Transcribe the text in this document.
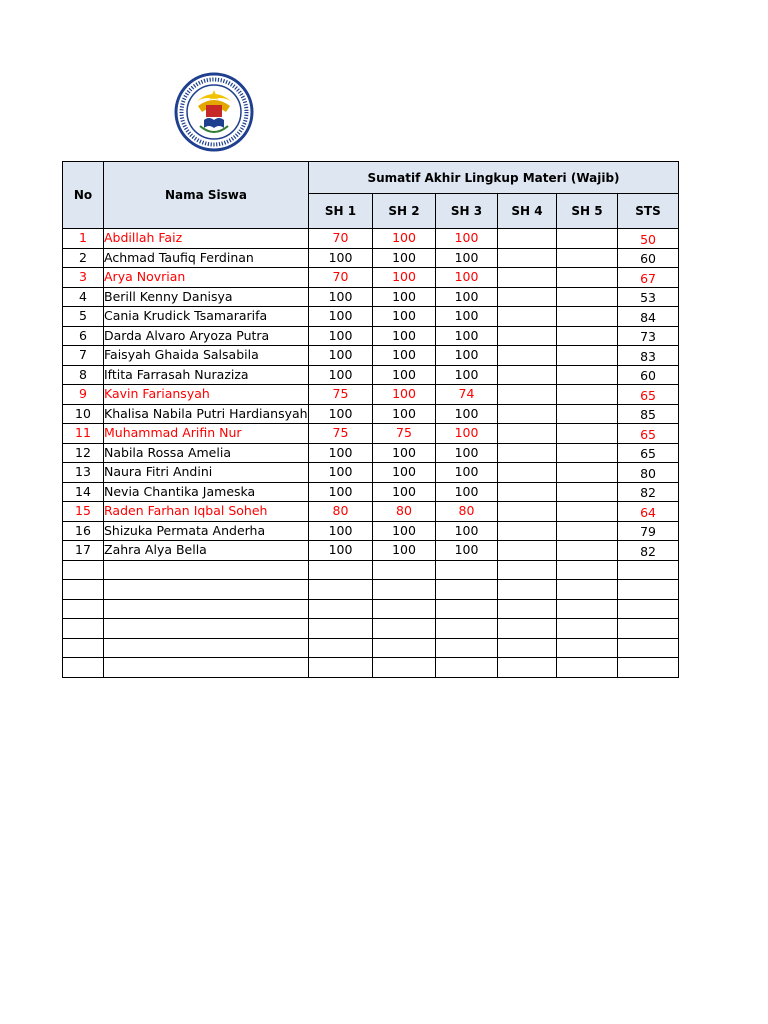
No	Nama Siswa	Sumatif Akhir Lingkup Materi (Wajib)					
		SH 1	SH 2	SH 3	SH 4	SH 5	STS
1	Abdillah Faiz	70	100	100			50
2	Achmad Taufiq Ferdinan	100	100	100			60
3	Arya Novrian	70	100	100			67
4	Berill Kenny Danisya	100	100	100			53
5	Cania Krudick Tsamararifa	100	100	100			84
6	Darda Alvaro Aryoza Putra	100	100	100			73
7	Faisyah Ghaida Salsabila	100	100	100			83
8	Iftita Farrasah Nuraziza	100	100	100			60
9	Kavin Fariansyah	75	100	74			65
10	Khalisa Nabila Putri Hardiansyah	100	100	100			85
11	Muhammad Arifin Nur	75	75	100			65
12	Nabila Rossa Amelia	100	100	100			65
13	Naura Fitri Andini	100	100	100			80
14	Nevia Chantika Jameska	100	100	100			82
15	Raden Farhan Iqbal Soheh	80	80	80			64
16	Shizuka Permata Anderha	100	100	100			79
17	Zahra Alya Bella	100	100	100			82
